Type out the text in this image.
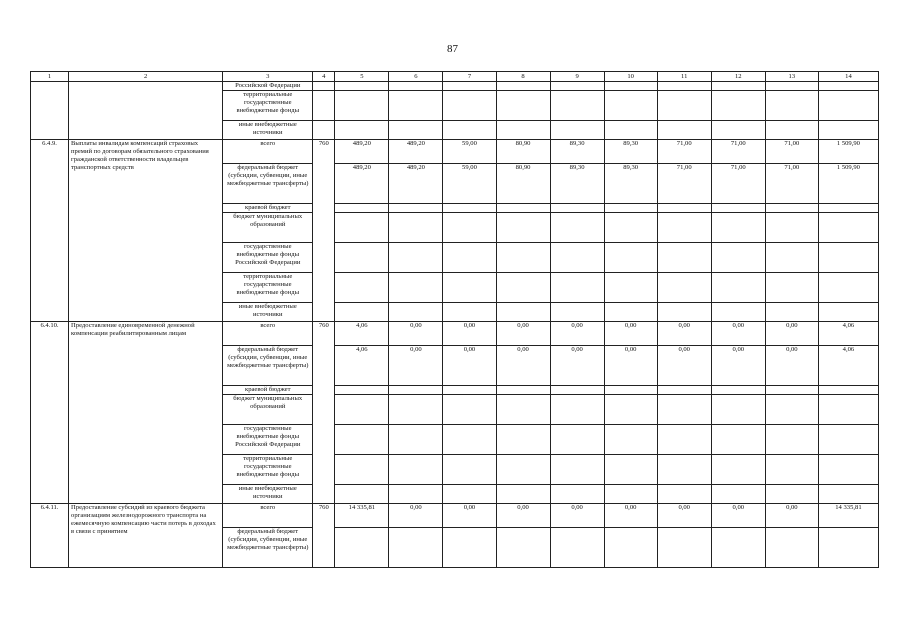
87
1	2	3	4	5	6	7	8	9	10	11	12	13	14
		Российской Федерации											
		территориальные государственные внебюджетные фонды											
		иные внебюджетные источники											
6.4.9.	Выплаты инвалидам компенсаций страховых премий по договорам обязательного страхования гражданской ответственности владельцев транспортных средств	всего	760	489,20	489,20	59,00	80,90	89,30	89,30	71,00	71,00	71,00	1 509,90
		федеральный бюджет (субсидии, субвенции, иные межбюджетные трансферты)		489,20	489,20	59,00	80,90	89,30	89,30	71,00	71,00	71,00	1 509,90
		краевой бюджет											
		бюджет муниципальных образований											
		государственные внебюджетные фонды Российской Федерации											
		территориальные государственные внебюджетные фонды											
		иные внебюджетные источники											
6.4.10.	Предоставление единовременной денежной компенсации реабилитированным лицам	всего	760	4,06	0,00	0,00	0,00	0,00	0,00	0,00	0,00	0,00	4,06
		федеральный бюджет (субсидии, субвенции, иные межбюджетные трансферты)		4,06	0,00	0,00	0,00	0,00	0,00	0,00	0,00	0,00	4,06
		краевой бюджет											
		бюджет муниципальных образований											
		государственные внебюджетные фонды Российской Федерации											
		территориальные государственные внебюджетные фонды											
		иные внебюджетные источники											
6.4.11.	Предоставление субсидий из краевого бюджета организациям железнодорожного транспорта на ежемесячную компенсацию части потерь в доходах в связи с принятием	всего	760	14 335,81	0,00	0,00	0,00	0,00	0,00	0,00	0,00	0,00	14 335,81
		федеральный бюджет (субсидии, субвенции, иные межбюджетные трансферты)											
